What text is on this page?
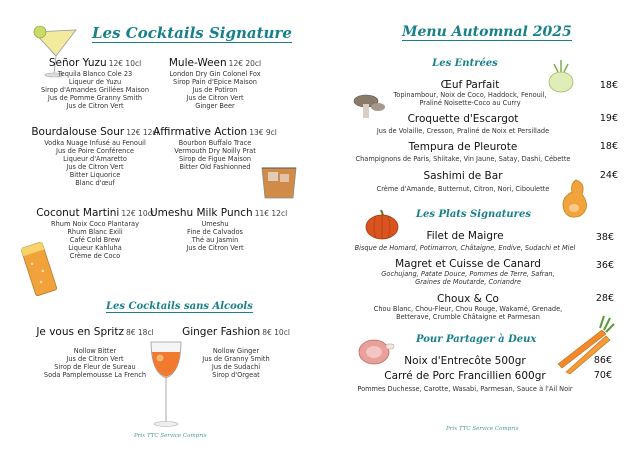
Les Cocktails Signature
Señor Yuzu 12€ 10cl
Tequila Blanco Cole 23
Liqueur de Yuzu
Sirop d'Amandes Grillées Maison
Jus de Pomme Granny Smith
Jus de Citron Vert
Mule-Ween 12€ 20cl
London Dry Gin Colonel Fox
Sirop Pain d'Epice Maison
Jus de Potiron
Jus de Citron Vert
Ginger Beer
Bourdalouse Sour 12€ 12cl
Vodka Nuage Infusé au Fenouil
Jus de Poire Conférence
Liqueur d'Amaretto
Jus de Citron Vert
Bitter Liquorice
Blanc d'œuf
Affirmative Action 13€ 9cl
Bourbon Buffalo Trace
Vermouth Dry Noilly Prat
Sirop de Figue Maison
Bitter Old Fashionned
Coconut Martini 12€ 10cl
Rhum Noix Coco Plantaray
Rhum Blanc Exili
Café Cold Brew
Liqueur Kahluha
Crème de Coco
Umeshu Milk Punch 11€ 12cl
Umeshu
Fine de Calvados
Thé au Jasmin
Jus de Citron Vert
Les Cocktails sans Alcools
Je vous en Spritz 8€ 18cl
Nollow Bitter
Jus de Citron Vert
Sirop de Fleur de Sureau
Soda Pamplemousse La French
Ginger Fashion 8€ 10cl
Nollow Ginger
Jus de Granny Smith
Jus de Sudachi
Sirop d'Orgeat
Prix TTC Service Compris
Menu Automnal 2025
Les Entrées
Œuf Parfait
Topinambour, Noix de Coco, Haddock, Fenouil,
Praliné Noisette-Coco au Curry
18€
Croquette d'Escargot
Jus de Volaille, Cresson, Praliné de Noix et Persillade
19€
Tempura de Pleurote
Champignons de Paris, Shiitake, Vin Jaune, Satay, Dashi, Cébette
18€
Sashimi de Bar
Crème d'Amande, Butternut, Citron, Nori, Ciboulette
24€
Les Plats Signatures
Filet de Maigre
Bisque de Homard, Potimarron, Châtaigne, Endive, Sudachi et Miel
38€
Magret et Cuisse de Canard
Gochujang, Patate Douce, Pommes de Terre, Safran,
Graines de Moutarde, Coriandre
36€
Choux & Co
Chou Blanc, Chou-Fleur, Chou Rouge, Wakamé, Grenade,
Betterave, Crumble Châtaigne et Parmesan
28€
Pour Partager à Deux
Noix d'Entrecôte 500gr	86€
Carré de Porc Francillien 600gr	70€
Pommes Duchesse, Carotte, Wasabi, Parmesan, Sauce à l'Ail Noir
Prix TTC Service Compris
